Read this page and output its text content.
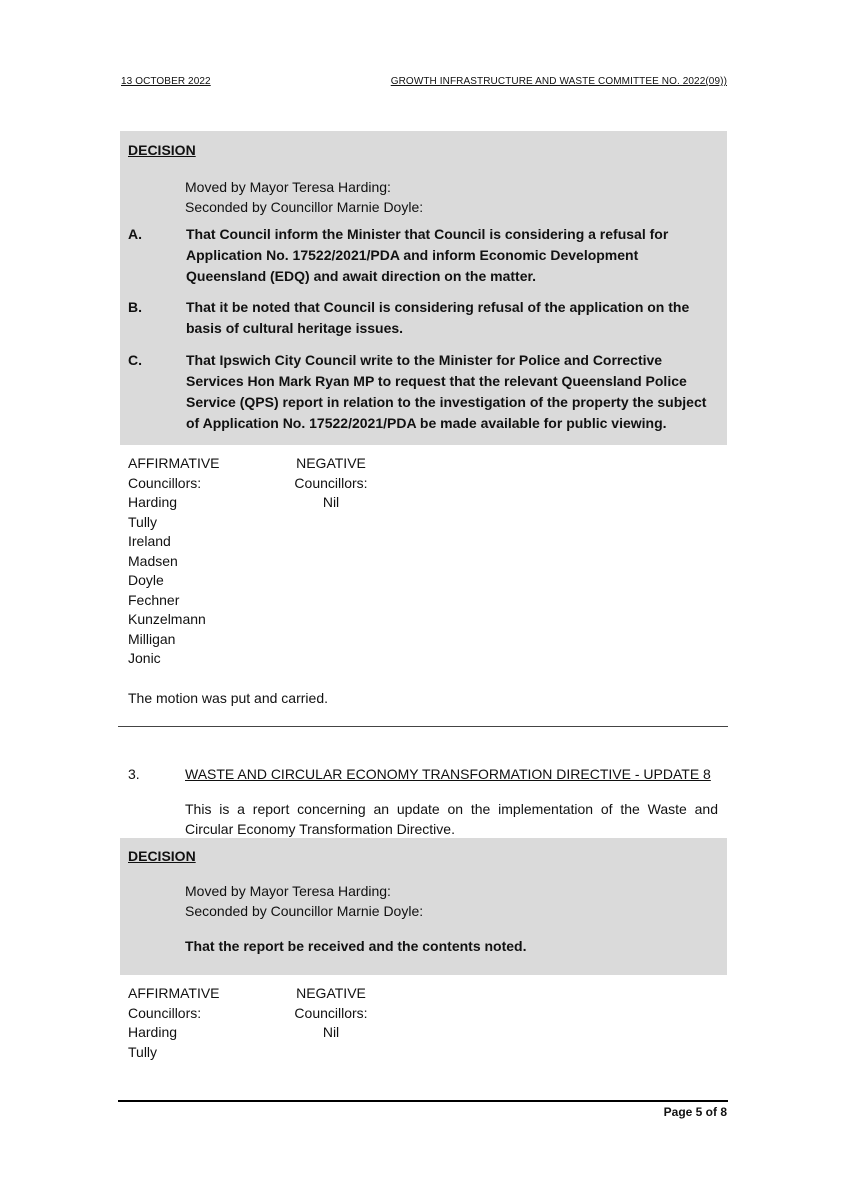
13 OCTOBER 2022	GROWTH INFRASTRUCTURE AND WASTE COMMITTEE NO. 2022(09))
DECISION
Moved by Mayor Teresa Harding:
Seconded by Councillor Marnie Doyle:
A.	That Council inform the Minister that Council is considering a refusal for Application No. 17522/2021/PDA and inform Economic Development Queensland (EDQ) and await direction on the matter.
B.	That it be noted that Council is considering refusal of the application on the basis of cultural heritage issues.
C.	That Ipswich City Council write to the Minister for Police and Corrective Services Hon Mark Ryan MP to request that the relevant Queensland Police Service (QPS) report in relation to the investigation of the property the subject of Application No. 17522/2021/PDA be made available for public viewing.
AFFIRMATIVE
Councillors:
Harding
Tully
Ireland
Madsen
Doyle
Fechner
Kunzelmann
Milligan
Jonic
NEGATIVE
Councillors:
Nil
The motion was put and carried.
3.	WASTE AND CIRCULAR ECONOMY TRANSFORMATION DIRECTIVE - UPDATE 8
This is a report concerning an update on the implementation of the Waste and Circular Economy Transformation Directive.
DECISION
Moved by Mayor Teresa Harding:
Seconded by Councillor Marnie Doyle:
That the report be received and the contents noted.
AFFIRMATIVE
Councillors:
Harding
Tully
NEGATIVE
Councillors:
Nil
Page 5 of 8
